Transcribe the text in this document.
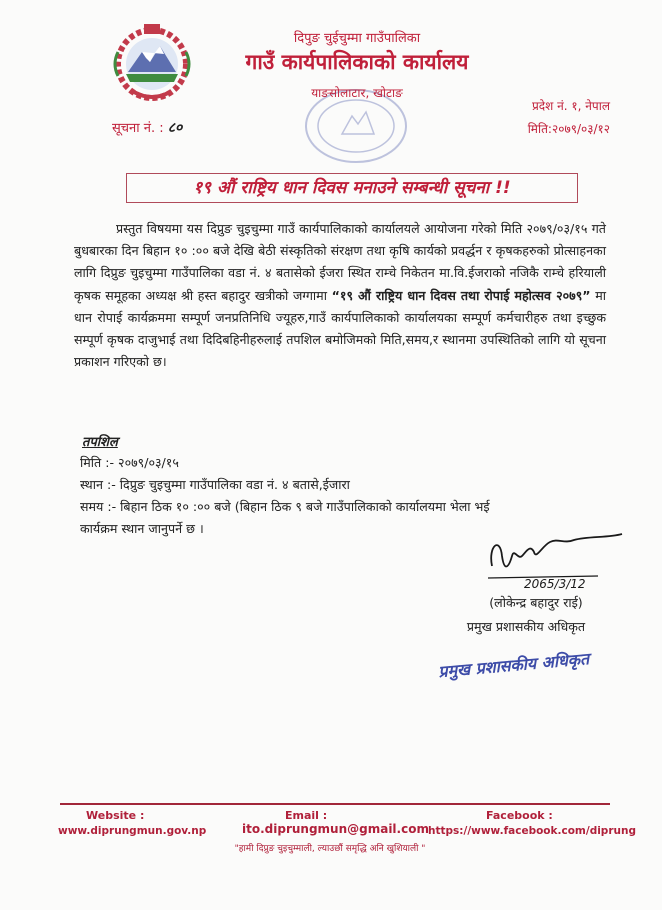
दिपुङ चुईचुम्मा गाउँपालिका
गाउँ कार्यपालिकाको कार्यालय
याङसोलाटार, खोटाङ
सूचना नं. : ८०
प्रदेश नं. १, नेपाल
मिति:२०७९/०३/१२
१९ औं राष्ट्रिय धान दिवस मनाउने सम्बन्धी सूचना !!
प्रस्तुत विषयमा यस दिप्रुङ चुइचुम्मा गाउँ कार्यपालिकाको कार्यालयले आयोजना गरेको मिति २०७९/०३/१५ गते बुधबारका दिन बिहान १० :०० बजे देखि बेठी संस्कृतिको संरक्षण तथा कृषि कार्यको प्रवर्द्धन र कृषकहरुको प्रोत्साहनका लागि दिप्रुङ चुइचुम्मा गाउँपालिका वडा नं. ४ बतासेको ईजरा स्थित राम्चे निकेतन मा.वि.ईजराको नजिकै राम्चे हरियाली कृषक समूहका अध्यक्ष श्री हस्त बहादुर खत्रीको जग्गामा “१९ औं राष्ट्रिय धान दिवस तथा रोपाई महोत्सव २०७९” मा धान रोपाई कार्यक्रममा सम्पूर्ण जनप्रतिनिधि ज्यूहरु,गाउँ कार्यपालिकाको कार्यालयका सम्पूर्ण कर्मचारीहरु तथा इच्छुक सम्पूर्ण कृषक दाजुभाई तथा दिदिबहिनीहरुलाई तपशिल बमोजिमको मिति,समय,र स्थानमा उपस्थितिको लागि यो सूचना प्रकाशन गरिएको छ।
तपशिल
मिति :- २०७९/०३/१५
स्थान :- दिप्रुङ चुइचुम्मा गाउँपालिका वडा नं. ४ बतासे,ईजारा
समय :- बिहान ठिक १० :०० बजे (बिहान ठिक ९ बजे गाउँपालिकाको कार्यालयमा भेला भई
कार्यक्रम स्थान जानुपर्ने छ ।
2065/3/12
(लोकेन्द्र बहादुर राई)
प्रमुख प्रशासकीय अधिकृत
प्रमुख प्रशासकीय अधिकृत
Website :	Email :	Facebook :
www.diprungmun.gov.np	ito.diprungmun@gmail.com https://www.facebook.com/diprung
"हामी दिप्रुङ चुइचुम्माली, ल्याउछौं समृद्धि अनि खुशियाली "
